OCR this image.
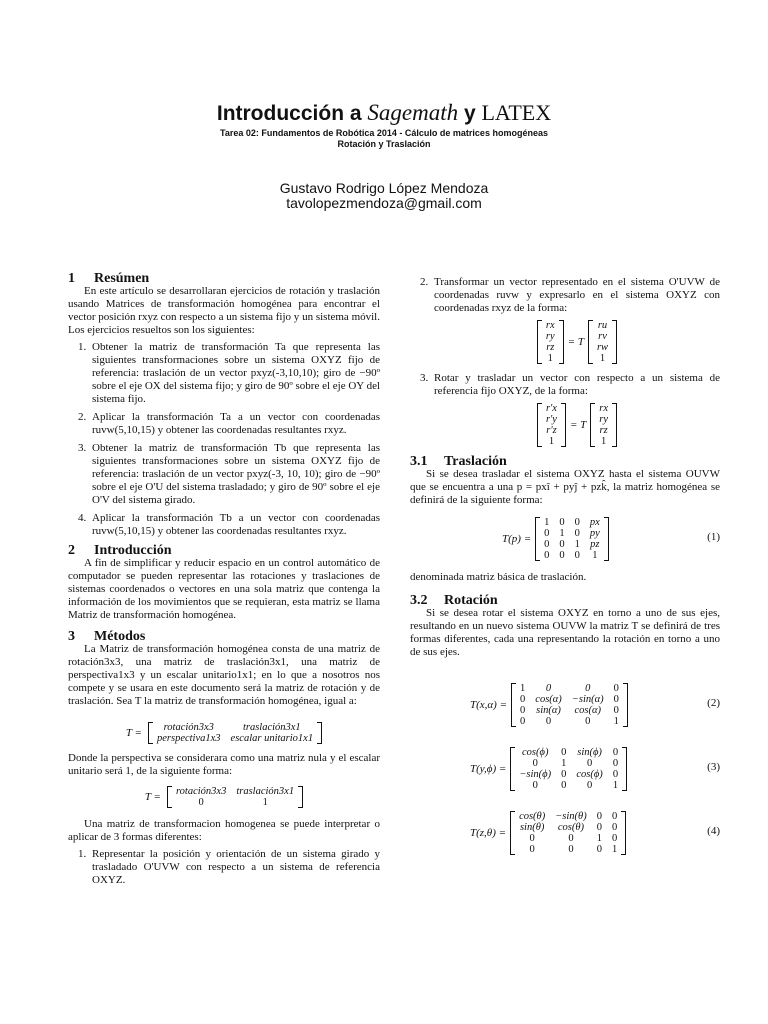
Introducción a Sagemath y LATEX
Tarea 02: Fundamentos de Robótica 2014 - Cálculo de matrices homogéneas
Rotación y Traslación
Gustavo Rodrigo López Mendoza
tavolopezmendoza@gmail.com
1 Resúmen

En este artículo se desarrollaran ejercicios de rotación y traslación usando Matrices de transformación homogénea para encontrar el vector posición rxyz con respecto a un sistema fijo y un sistema móvil. Los ejercicios resueltos son los siguientes:

1. Obtener la matriz de transformación Ta que representa las siguientes transformaciones sobre un sistema OXYZ fijo de referencia: traslación de un vector pxyz(-3,10,10); giro de −90º sobre el eje OX del sistema fijo; y giro de 90º sobre el eje OY del sistema fijo.
2. Aplicar la transformación Ta a un vector con coordenadas ruvw(5,10,15) y obtener las coordenadas resultantes rxyz.
3. Obtener la matriz de transformación Tb que representa las siguientes transformaciones sobre un sistema OXYZ fijo de referencia: traslación de un vector pxyz(-3, 10, 10); giro de −90º sobre el eje O'U del sistema trasladado; y giro de 90º sobre el eje O'V del sistema girado.
4. Aplicar la transformación Tb a un vector con coordenadas ruvw(5,10,15) y obtener las coordenadas resultantes rxyz.
2 Introducción

A fin de simplificar y reducir espacio en un control automático de computador se pueden representar las rotaciones y traslaciones de sistemas coordenados o vectores en una sola matriz que contenga la información de los movimientos que se requieran, esta matriz se llama Matriz de transformación homogénea.

3 Métodos

La Matriz de transformación homogénea consta de una matriz de rotación3x3, una matriz de traslación3x1, una matriz de perspectiva1x3 y un escalar unitario1x1; en lo que a nosotros nos compete y se usara en este documento será la matriz de rotación y de traslación. Sea T la matriz de transformación homogénea, igual a:

T = rotación3x3	traslación3x1
perspectiva1x3	escalar unitario1x1

Donde la perspectiva se considerara como una matriz nula y el escalar unitario será 1, de la siguiente forma:

T = rotación3x3	traslación3x1
0	1

Una matriz de transformacion homogenea se puede interpretar o aplicar de 3 formas diferentes:

1. Representar la posición y orientación de un sistema girado y trasladado O'UVW con respecto a un sistema de referencia OXYZ.
2. Transformar un vector representado en el sistema O'UVW de coordenadas ruvw y expresarlo en el sistema OXYZ con coordenadas rxyz de la forma:
rx
ry
rz
1
= T
ru
rv
rw
1
3. Rotar y trasladar un vector con respecto a un sistema de referencia fijo OXYZ, de la forma:
r'x
r'y
r'z
1
= T
rx
ry
rz
1
3.1 Traslación

Si se desea trasladar el sistema OXYZ hasta el sistema OUVW que se encuentra a una p = pxî + pyĵ + pzk̂, la matriz homogénea se definirá de la siguiente forma:

T(p) =
1	0	0	px
0	1	0	py
0	0	1	pz
0	0	0	1
(1)

denominada matriz básica de traslación.

3.2 Rotación

Si se desea rotar el sistema OXYZ en torno a uno de sus ejes, resultando en un nuevo sistema OUVW la matriz T se definirá de tres formas diferentes, cada una representando la rotación en torno a uno de sus ejes.

T(x,α) =
1	0	0	0
0	cos(α)	−sin(α)	0
0	sin(α)	cos(α)	0
0	0	0	1
(2)
T(y,ϕ) =
cos(ϕ)	0	sin(ϕ)	0
0	1	0	0
−sin(ϕ)	0	cos(ϕ)	0
0	0	0	1
(3)
T(z,θ) =
cos(θ)	−sin(θ)	0	0
sin(θ)	cos(θ)	0	0
0	0	1	0
0	0	0	1
(4)
